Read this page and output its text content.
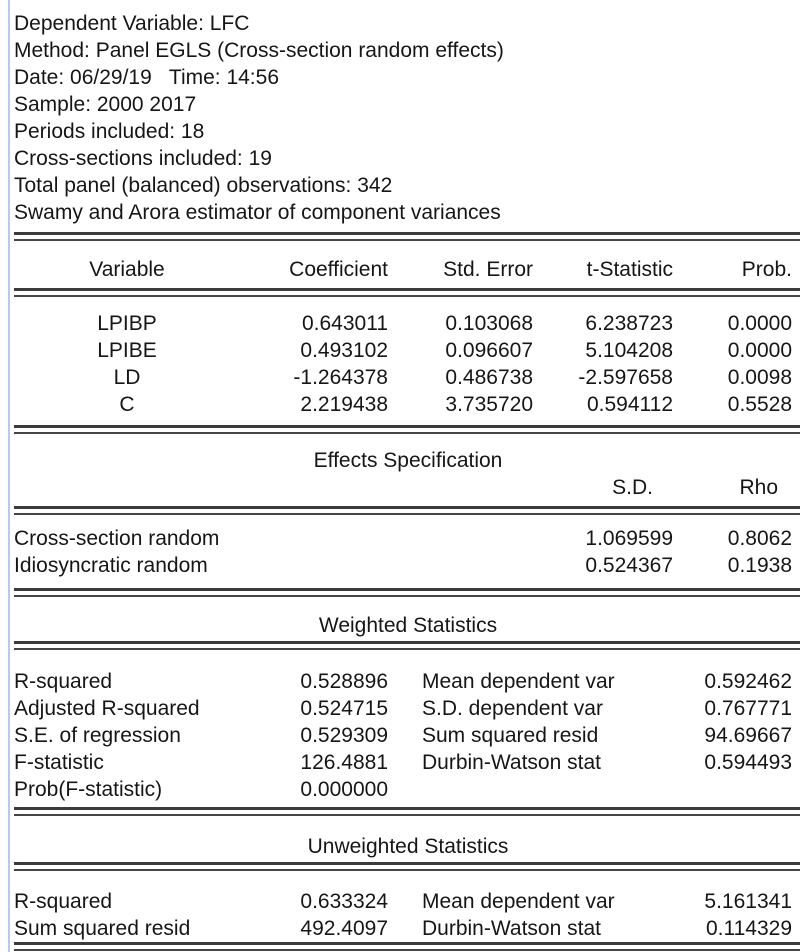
Dependent Variable: LFC
Method: Panel EGLS (Cross-section random effects)
Date: 06/29/19   Time: 14:56
Sample: 2000 2017
Periods included: 18
Cross-sections included: 19
Total panel (balanced) observations: 342
Swamy and Arora estimator of component variances
Variable	Coefficient	Std. Error	t-Statistic	Prob.
LPIBP	0.643011	0.103068	6.238723	0.0000
LPIBE	0.493102	0.096607	5.104208	0.0000
LD	-1.264378	0.486738	-2.597658	0.0098
C	2.219438	3.735720	0.594112	0.5528
Effects Specification
S.D.	Rho
Cross-section random	1.069599	0.8062
Idiosyncratic random	0.524367	0.1938
Weighted Statistics
R-squared	0.528896	Mean dependent var	0.592462
Adjusted R-squared	0.524715	S.D. dependent var	0.767771
S.E. of regression	0.529309	Sum squared resid	94.69667
F-statistic	126.4881	Durbin-Watson stat	0.594493
Prob(F-statistic)	0.000000
Unweighted Statistics
R-squared	0.633324	Mean dependent var	5.161341
Sum squared resid	492.4097	Durbin-Watson stat	0.114329
